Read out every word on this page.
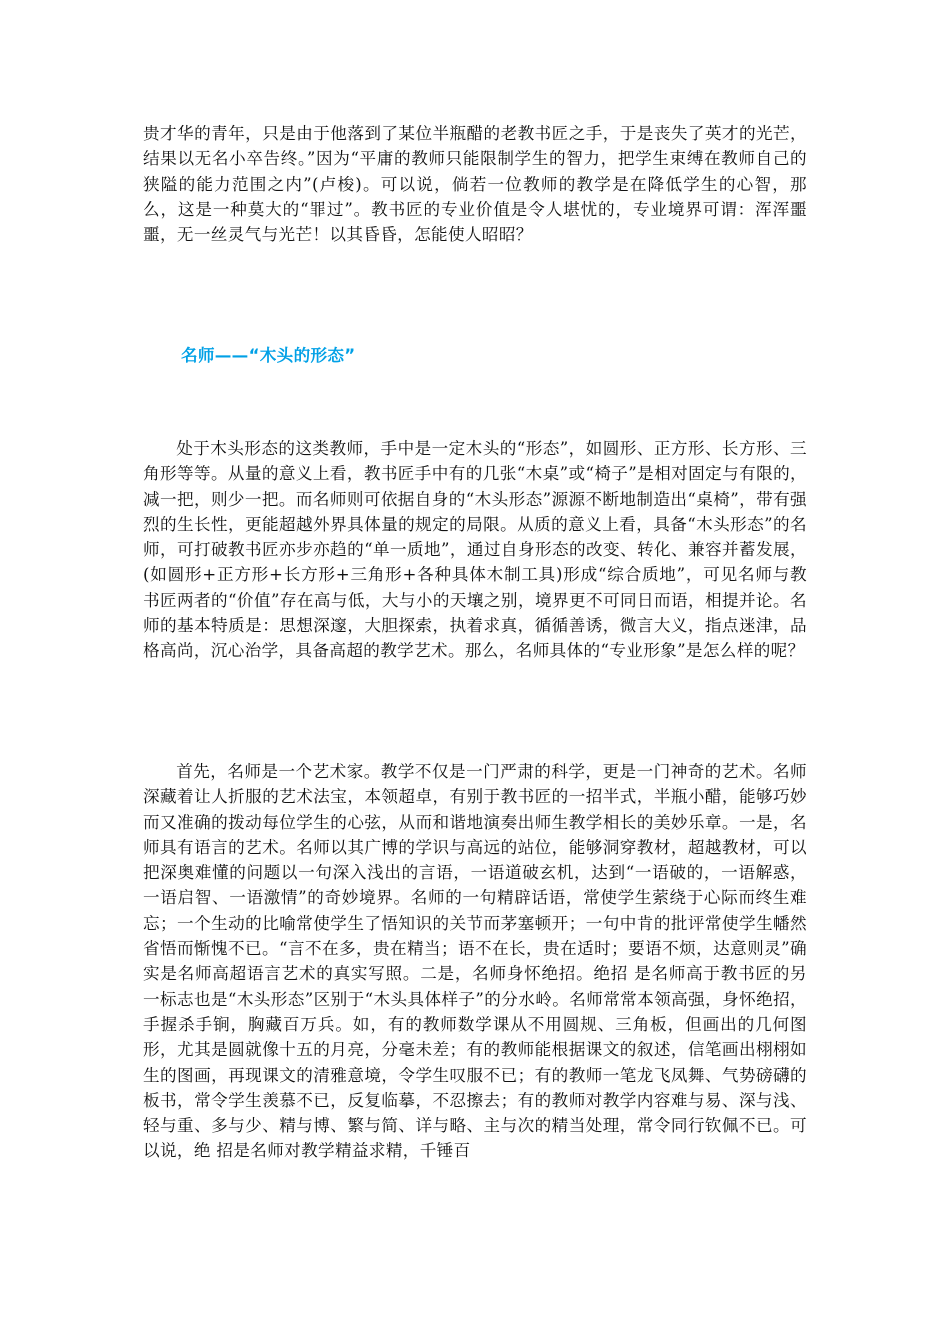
贵才华的青年，只是由于他落到了某位半瓶醋的老教书匠之手，于是丧失了英才的光芒，结果以无名小卒告终。”因为“平庸的教师只能限制学生的智力，把学生束缚在教师自己的狭隘的能力范围之内”(卢梭)。可以说，倘若一位教师的教学是在降低学生的心智，那么，这是一种莫大的“罪过”。教书匠的专业价值是令人堪忧的，专业境界可谓：浑浑噩噩，无一丝灵气与光芒！以其昏昏，怎能使人昭昭？

名师——“木头的形态”

处于木头形态的这类教师，手中是一定木头的“形态”，如圆形、正方形、长方形、三角形等等。从量的意义上看，教书匠手中有的几张“木桌”或“椅子”是相对固定与有限的，减一把，则少一把。而名师则可依据自身的“木头形态”源源不断地制造出“桌椅”，带有强烈的生长性，更能超越外界具体量的规定的局限。从质的意义上看，具备“木头形态”的名师，可打破教书匠亦步亦趋的“单一质地”，通过自身形态的改变、转化、兼容并蓄发展，(如圆形+正方形+长方形+三角形+各种具体木制工具)形成“综合质地”，可见名师与教书匠两者的“价值”存在高与低，大与小的天壤之别，境界更不可同日而语，相提并论。名师的基本特质是：思想深邃，大胆探索，执着求真，循循善诱，微言大义，指点迷津，品格高尚，沉心治学，具备高超的教学艺术。那么，名师具体的“专业形象”是怎么样的呢？

首先，名师是一个艺术家。教学不仅是一门严肃的科学，更是一门神奇的艺术。名师深藏着让人折服的艺术法宝，本领超卓，有别于教书匠的一招半式，半瓶小醋，能够巧妙而又准确的拨动每位学生的心弦，从而和谐地演奏出师生教学相长的美妙乐章。一是，名师具有语言的艺术。名师以其广博的学识与高远的站位，能够洞穿教材，超越教材，可以把深奥难懂的问题以一句深入浅出的言语，一语道破玄机，达到“一语破的，一语解惑，一语启智、一语激情”的奇妙境界。名师的一句精辟话语，常使学生萦绕于心际而终生难忘；一个生动的比喻常使学生了悟知识的关节而茅塞顿开；一句中肯的批评常使学生幡然省悟而惭愧不已。“言不在多，贵在精当；语不在长，贵在适时；要语不烦，达意则灵”确实是名师高超语言艺术的真实写照。二是，名师身怀绝招。绝招 是名师高于教书匠的另一标志也是“木头形态”区别于“木头具体样子”的分水岭。名师常常本领高强，身怀绝招，手握杀手锏，胸藏百万兵。如，有的教师数学课从不用圆规、三角板，但画出的几何图形，尤其是圆就像十五的月亮，分毫未差；有的教师能根据课文的叙述，信笔画出栩栩如生的图画，再现课文的清雅意境，令学生叹服不已；有的教师一笔龙飞凤舞、气势磅礴的板书，常令学生羡慕不已，反复临摹，不忍擦去；有的教师对教学内容难与易、深与浅、轻与重、多与少、精与博、繁与简、详与略、主与次的精当处理，常令同行钦佩不已。可以说，绝 招是名师对教学精益求精，千锤百
